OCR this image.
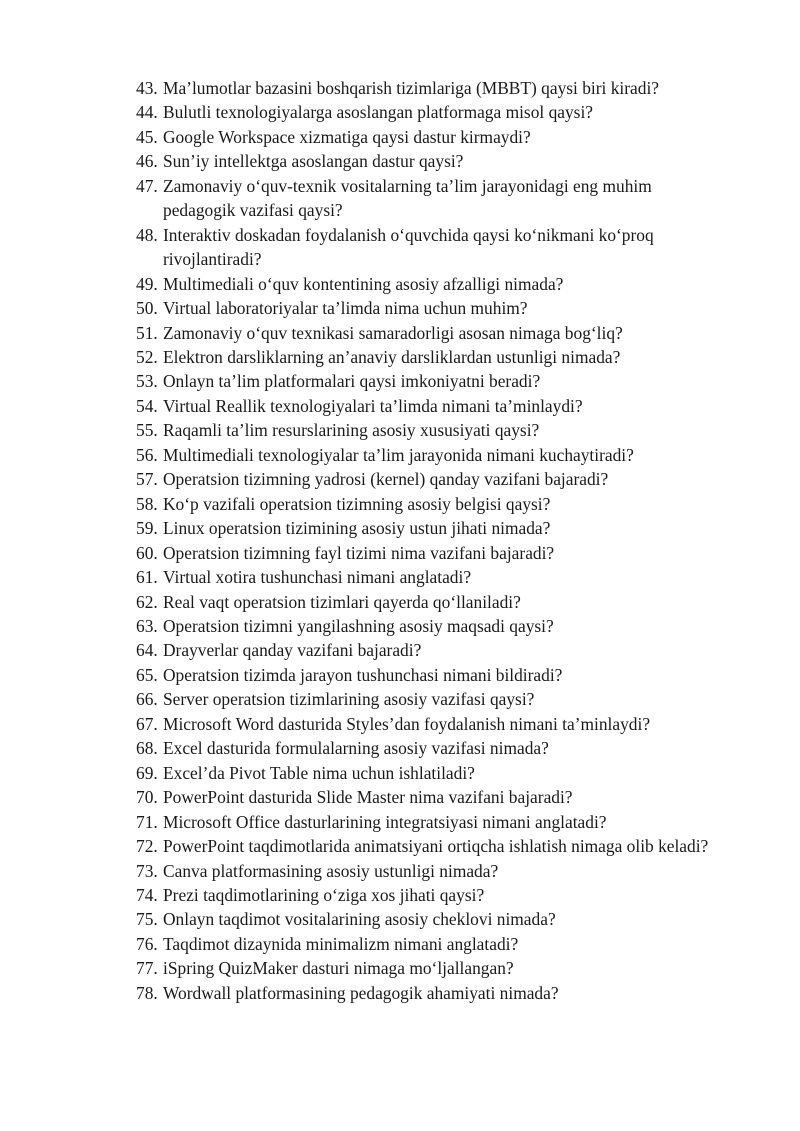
43. Ma’lumotlar bazasini boshqarish tizimlariga (MBBT) qaysi biri kiradi?
44. Bulutli texnologiyalarga asoslangan platformaga misol qaysi?
45. Google Workspace xizmatiga qaysi dastur kirmaydi?
46. Sun’iy intellektga asoslangan dastur qaysi?
47. Zamonaviy o‘quv-texnik vositalarning ta’lim jarayonidagi eng muhim pedagogik vazifasi qaysi?
48. Interaktiv doskadan foydalanish o‘quvchida qaysi ko‘nikmani ko‘proq rivojlantiradi?
49. Multimediali o‘quv kontentining asosiy afzalligi nimada?
50. Virtual laboratoriyalar ta’limda nima uchun muhim?
51. Zamonaviy o‘quv texnikasi samaradorligi asosan nimaga bog‘liq?
52. Elektron darsliklarning an’anaviy darsliklardan ustunligi nimada?
53. Onlayn ta’lim platformalari qaysi imkoniyatni beradi?
54. Virtual Reallik texnologiyalari ta’limda nimani ta’minlaydi?
55. Raqamli ta’lim resurslarining asosiy xususiyati qaysi?
56. Multimediali texnologiyalar ta’lim jarayonida nimani kuchaytiradi?
57. Operatsion tizimning yadrosi (kernel) qanday vazifani bajaradi?
58. Ko‘p vazifali operatsion tizimning asosiy belgisi qaysi?
59. Linux operatsion tizimining asosiy ustun jihati nimada?
60. Operatsion tizimning fayl tizimi nima vazifani bajaradi?
61. Virtual xotira tushunchasi nimani anglatadi?
62. Real vaqt operatsion tizimlari qayerda qo‘llaniladi?
63. Operatsion tizimni yangilashning asosiy maqsadi qaysi?
64. Drayverlar qanday vazifani bajaradi?
65. Operatsion tizimda jarayon tushunchasi nimani bildiradi?
66. Server operatsion tizimlarining asosiy vazifasi qaysi?
67. Microsoft Word dasturida Styles’dan foydalanish nimani ta’minlaydi?
68. Excel dasturida formulalarning asosiy vazifasi nimada?
69. Excel’da Pivot Table nima uchun ishlatiladi?
70. PowerPoint dasturida Slide Master nima vazifani bajaradi?
71. Microsoft Office dasturlarining integratsiyasi nimani anglatadi?
72. PowerPoint taqdimotlarida animatsiyani ortiqcha ishlatish nimaga olib keladi?
73. Canva platformasining asosiy ustunligi nimada?
74. Prezi taqdimotlarining o‘ziga xos jihati qaysi?
75. Onlayn taqdimot vositalarining asosiy cheklovi nimada?
76. Taqdimot dizaynida minimalizm nimani anglatadi?
77. iSpring QuizMaker dasturi nimaga mo‘ljallangan?
78. Wordwall platformasining pedagogik ahamiyati nimada?
